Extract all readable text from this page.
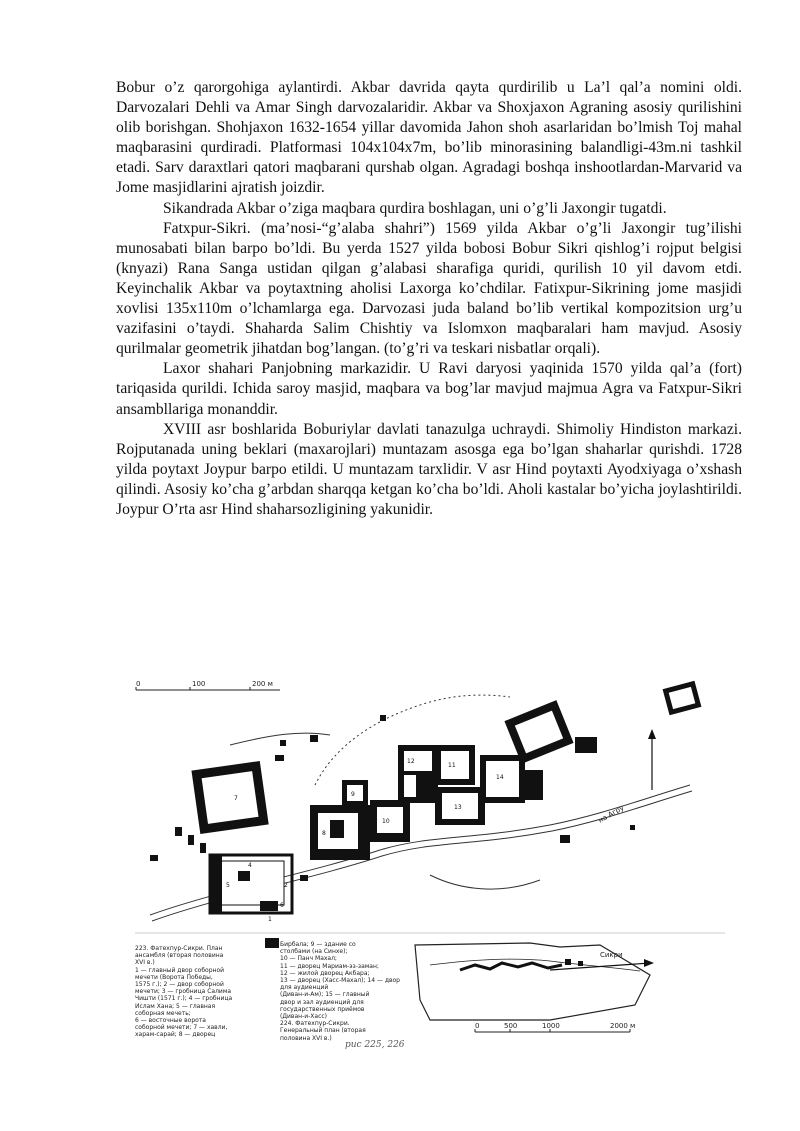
Bobur o’z qarorgohiga aylantirdi. Akbar davrida qayta qurdirilib u La’l qal’a nomini oldi. Darvozalari Dehli va Amar Singh darvozalaridir. Akbar va Shoxjaxon Agraning asosiy qurilishini olib borishgan. Shohjaxon 1632-1654 yillar davomida Jahon shoh asarlaridan bo’lmish Toj mahal maqbarasini qurdiradi. Platformasi 104x104x7m, bo’lib minorasining balandligi-43m.ni tashkil etadi. Sarv daraxtlari qatori maqbarani qurshab olgan. Agradagi boshqa inshootlardan-Marvarid va Jome masjidlarini ajratish joizdir.

Sikandrada Akbar o’ziga maqbara qurdira boshlagan, uni o’g’li Jaxongir tugatdi.

Fatxpur-Sikri. (ma’nosi-“g’alaba shahri”) 1569 yilda Akbar o’g’li Jaxongir tug’ilishi munosabati bilan barpo bo’ldi. Bu yerda 1527 yilda bobosi Bobur Sikri qishlog’i rojput belgisi (knyazi) Rana Sanga ustidan qilgan g’alabasi sharafiga quridi, qurilish 10 yil davom etdi. Keyinchalik Akbar va poytaxtning aholisi Laxorga ko’chdilar. Fatixpur-Sikrining jome masjidi xovlisi 135x110m o’lchamlarga ega. Darvozasi juda baland bo’lib vertikal kompozitsion urg’u vazifasini o’taydi. Shaharda Salim Chishtiy va Islomxon maqbaralari ham mavjud. Asosiy qurilmalar geometrik jihatdan bog’langan. (to’g’ri va teskari nisbatlar orqali).

Laxor shahari Panjobning markazidir. U Ravi daryosi yaqinida 1570 yilda qal’a (fort) tariqasida qurildi. Ichida saroy masjid, maqbara va bog’lar mavjud majmua Agra va Fatxpur-Sikri ansambllariga monanddir.

XVIII asr boshlarida Boburiylar davlati tanazulga uchraydi. Shimoliy Hindiston markazi. Rojputanada uning beklari (maxarojlari) muntazam asosga ega bo’lgan shaharlar qurishdi. 1728 yilda poytaxt Joypur barpo etildi. U muntazam tarxlidir. V asr Hind poytaxti Ayodxiyaga o’xshash qilindi. Asosiy ko’cha g’arbdan sharqqa ketgan ko’cha bo’ldi. Aholi kastalar bo’yicha joylashtirildi. Joypur O’rta asr Hind shaharsozligining yakunidir.

0	100	200 м
7
8
10
9
12
11
13
14
5
4
2
6
1
на Агру
Сикри
0	500	1000	2000 м
рис 225, 226
223. Фатехпур-Сикри. План
ансамбля (вторая половина
XVI в.)
1 — главный двор соборной
мечети (Ворота Победы,
1575 г.); 2 — двор соборной
мечети; 3 — гробница Салима
Чишти (1571 г.); 4 — гробница
Ислам Хана; 5 — главная
соборная мечеть;
6 — восточные ворота
соборной мечети; 7 — хавли,
харам-сарай; 8 — дворец
Бирбала; 9 — здание со
столбами (на Синхе);
10 — Панч Махал;
11 — дворец Мариам-эз-заман;
12 — жилой дворец Акбара;
13 — дворец (Хасс-Махал); 14 — двор
для аудиенций
(Диван-и-Ам); 15 — главный
двор и зал аудиенций для
государственных приёмов
(Диван-и-Хасс)
224. Фатехпур-Сикри.
Генеральный план (вторая
половина XVI в.)
